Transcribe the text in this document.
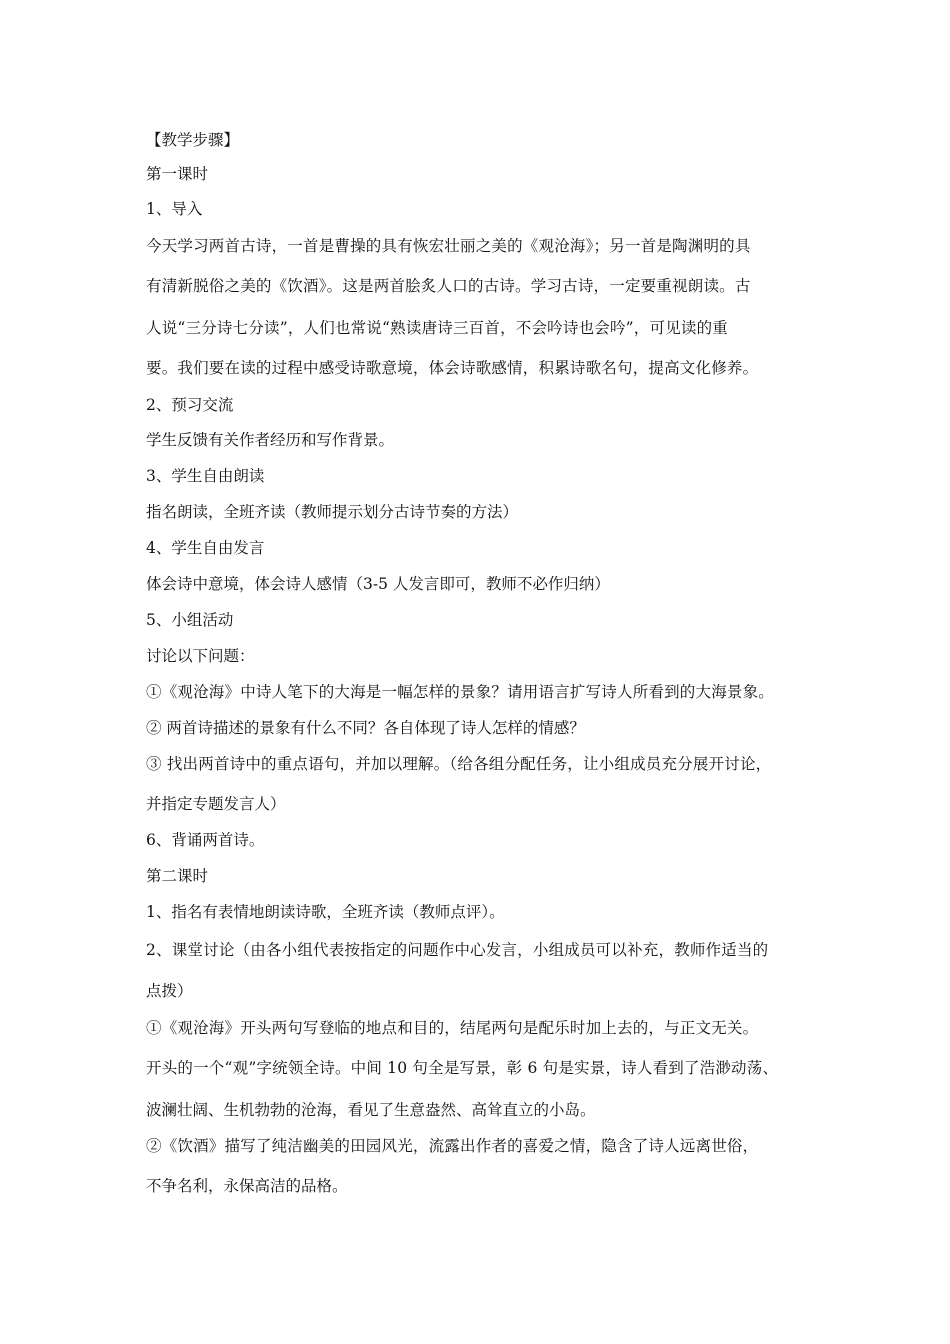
【教学步骤】
第一课时
1、导入
今天学习两首古诗，一首是曹操的具有恢宏壮丽之美的《观沧海》；另一首是陶渊明的具
有清新脱俗之美的《饮酒》。这是两首脍炙人口的古诗。学习古诗，一定要重视朗读。古
人说“三分诗七分读”，人们也常说“熟读唐诗三百首，不会吟诗也会吟”，可见读的重
要。我们要在读的过程中感受诗歌意境，体会诗歌感情，积累诗歌名句，提高文化修养。
2、预习交流
学生反馈有关作者经历和写作背景。
3、学生自由朗读
指名朗读，全班齐读（教师提示划分古诗节奏的方法）
4、学生自由发言
体会诗中意境，体会诗人感情（3-5 人发言即可，教师不必作归纳）
5、小组活动
讨论以下问题：
①《观沧海》中诗人笔下的大海是一幅怎样的景象？请用语言扩写诗人所看到的大海景象。
② 两首诗描述的景象有什么不同？各自体现了诗人怎样的情感？
③ 找出两首诗中的重点语句，并加以理解。（给各组分配任务，让小组成员充分展开讨论，
并指定专题发言人）
6、背诵两首诗。
第二课时
1、指名有表情地朗读诗歌，全班齐读（教师点评）。
2、课堂讨论（由各小组代表按指定的问题作中心发言，小组成员可以补充，教师作适当的
点拨）
①《观沧海》开头两句写登临的地点和目的，结尾两句是配乐时加上去的，与正文无关。
开头的一个“观”字统领全诗。中间 10 句全是写景，彰 6 句是实景，诗人看到了浩渺动荡、
波澜壮阔、生机勃勃的沧海，看见了生意盎然、高耸直立的小岛。
②《饮酒》描写了纯洁幽美的田园风光，流露出作者的喜爱之情，隐含了诗人远离世俗，
不争名利，永保高洁的品格。
